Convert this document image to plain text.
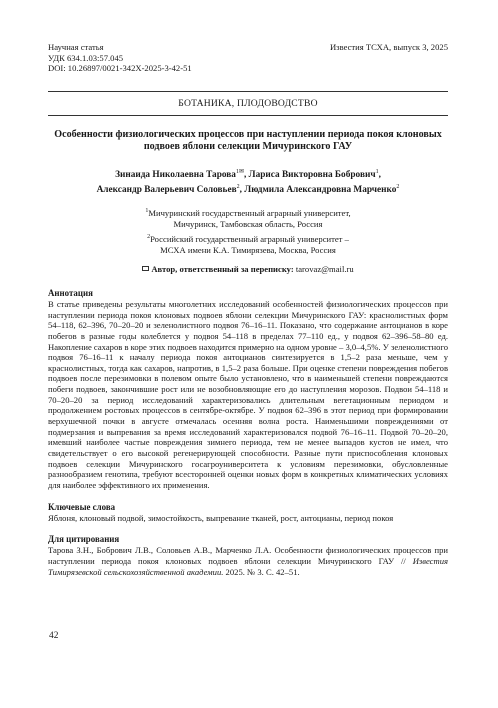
Научная статья	Известия ТСХА, выпуск 3, 2025
УДК 634.1.03:57.045
DOI: 10.26897/0021-342X-2025-3-42-51
БОТАНИКА, ПЛОДОВОДСТВО
Особенности физиологических процессов при наступлении периода покоя клоновых подвоев яблони селекции Мичуринского ГАУ
Зинаида Николаевна Тарова$^{1✉}$, Лариса Викторовна Бобрович$^1$,
Александр Валерьевич Соловьев$^2$, Людмила Александровна Марченко$^2$
$^1$Мичуринский государственный аграрный университет,
Мичуринск, Тамбовская область, Россия
$^2$Российский государственный аграрный университет –
МСХА имени К.А. Тимирязева, Москва, Россия
Автор, ответственный за переписку: tarovaz@mail.ru
Аннотация
В статье приведены результаты многолетних исследований особенностей физиологических процессов при наступлении периода покоя клоновых подвоев яблони селекции Мичуринского ГАУ: краснолистных форм 54–118, 62–396, 70–20–20 и зеленолистного подвоя 76–16–11. Показано, что содержание антоцианов в коре побегов в разные годы колеблется у подвоя 54–118 в пределах 77–110 ед., у подвоя 62–396–58–80 ед. Накопление сахаров в коре этих подвоев находится примерно на одном уровне – 3,0–4,5%. У зеленолистного подвоя 76–16–11 к началу периода покоя антоцианов синтезируется в 1,5–2 раза меньше, чем у краснолистных, тогда как сахаров, напротив, в 1,5–2 раза больше. При оценке степени повреждения побегов подвоев после перезимовки в полевом опыте было установлено, что в наименьшей степени повреждаются побеги подвоев, закончившие рост или не возобновляющие его до наступления морозов. Подвои 54–118 и 70–20–20 за период исследований характеризовались длительным вегетационным периодом и продолжением ростовых процессов в сентябре-октябре. У подвоя 62–396 в этот период при формировании верхушечной почки в августе отмечалась осенняя волна роста. Наименьшими повреждениями от подмерзания и выпревания за время исследований характеризовался подвой 76–16–11. Подвой 70–20–20, имевший наиболее частые повреждения зимнего периода, тем не менее выпадов кустов не имел, что свидетельствует о его высокой регенерирующей способности. Разные пути приспособления клоновых подвоев селекции Мичуринского госагроуниверситета к условиям перезимовки, обусловленные разнообразием генотипа, требуют всесторонней оценки новых форм в конкретных климатических условиях для наиболее эффективного их применения.
Ключевые слова
Яблоня, клоновый подвой, зимостойкость, выпревание тканей, рост, антоцианы, период покоя
Для цитирования
Тарова З.Н., Бобрович Л.В., Соловьев А.В., Марченко Л.А. Особенности физиологических процессов при наступлении периода покоя клоновых подвоев яблони селекции Мичуринского ГАУ // Известия Тимирязевской сельскохозяйственной академии. 2025. № 3. С. 42–51.
42
